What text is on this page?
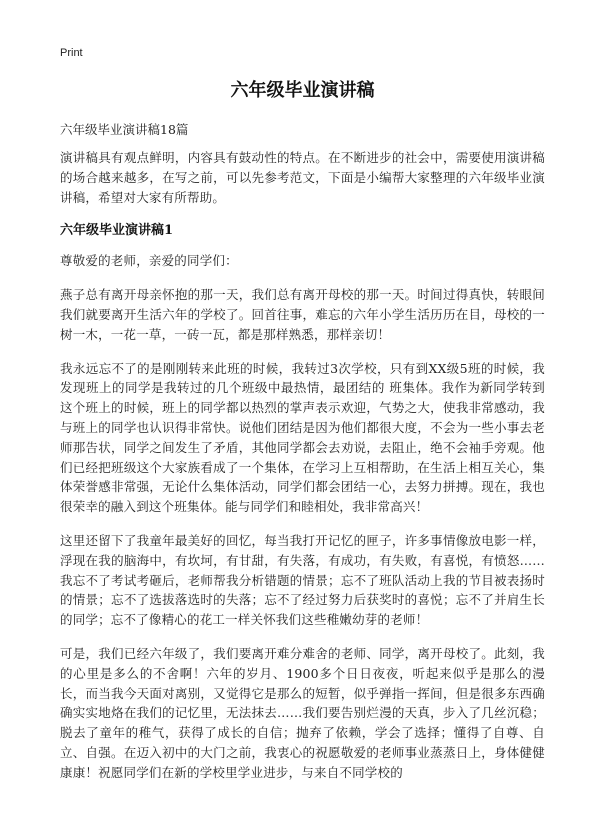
Print
六年级毕业演讲稿
六年级毕业演讲稿18篇

演讲稿具有观点鲜明，内容具有鼓动性的特点。在不断进步的社会中，需要使用演讲稿的场合越来越多，在写之前，可以先参考范文，下面是小编帮大家整理的六年级毕业演讲稿，希望对大家有所帮助。

六年级毕业演讲稿1

尊敬爱的老师，亲爱的同学们：

燕子总有离开母亲怀抱的那一天，我们总有离开母校的那一天。时间过得真快，转眼间我们就要离开生活六年的学校了。回首往事，难忘的六年小学生活历历在目，母校的一树一木，一花一草，一砖一瓦，都是那样熟悉，那样亲切！

我永远忘不了的是刚刚转来此班的时候，我转过3次学校，只有到XX级5班的时候，我发现班上的同学是我转过的几个班级中最热情，最团结的 班集体。我作为新同学转到这个班上的时候，班上的同学都以热烈的掌声表示欢迎，气势之大，使我非常感动，我与班上的同学也认识得非常快。说他们团结是因为他们都很大度，不会为一些小事去老师那告状，同学之间发生了矛盾，其他同学都会去劝说，去阻止，绝不会袖手旁观。他们已经把班级这个大家族看成了一个集体，在学习上互相帮助，在生活上相互关心，集体荣誉感非常强，无论什么集体活动，同学们都会团结一心，去努力拼搏。现在，我也很荣幸的融入到这个班集体。能与同学们和睦相处，我非常高兴！

这里还留下了我童年最美好的回忆，每当我打开记忆的匣子，许多事情像放电影一样，浮现在我的脑海中，有坎坷，有甘甜，有失落，有成功，有失败，有喜悦，有愤怒……我忘不了考试考砸后，老师帮我分析错题的情景；忘不了班队活动上我的节目被表扬时的情景；忘不了选拔落选时的失落；忘不了经过努力后获奖时的喜悦；忘不了并肩生长的同学；忘不了像精心的花工一样关怀我们这些稚嫩幼芽的老师！

可是，我们已经六年级了，我们要离开难分难舍的老师、同学，离开母校了。此刻，我的心里是多么的不舍啊！六年的岁月、1900多个日日夜夜，听起来似乎是那么的漫长，而当我今天面对离别，又觉得它是那么的短暂，似乎弹指一挥间，但是很多东西确确实实地烙在我们的记忆里，无法抹去……我们要告别烂漫的天真，步入了几丝沉稳；脱去了童年的稚气，获得了成长的自信；抛弃了依赖，学会了选择；懂得了自尊、自立、自强。在迈入初中的大门之前，我衷心的祝愿敬爱的老师事业蒸蒸日上，身体健健康康！祝愿同学们在新的学校里学业进步，与来自不同学校的
